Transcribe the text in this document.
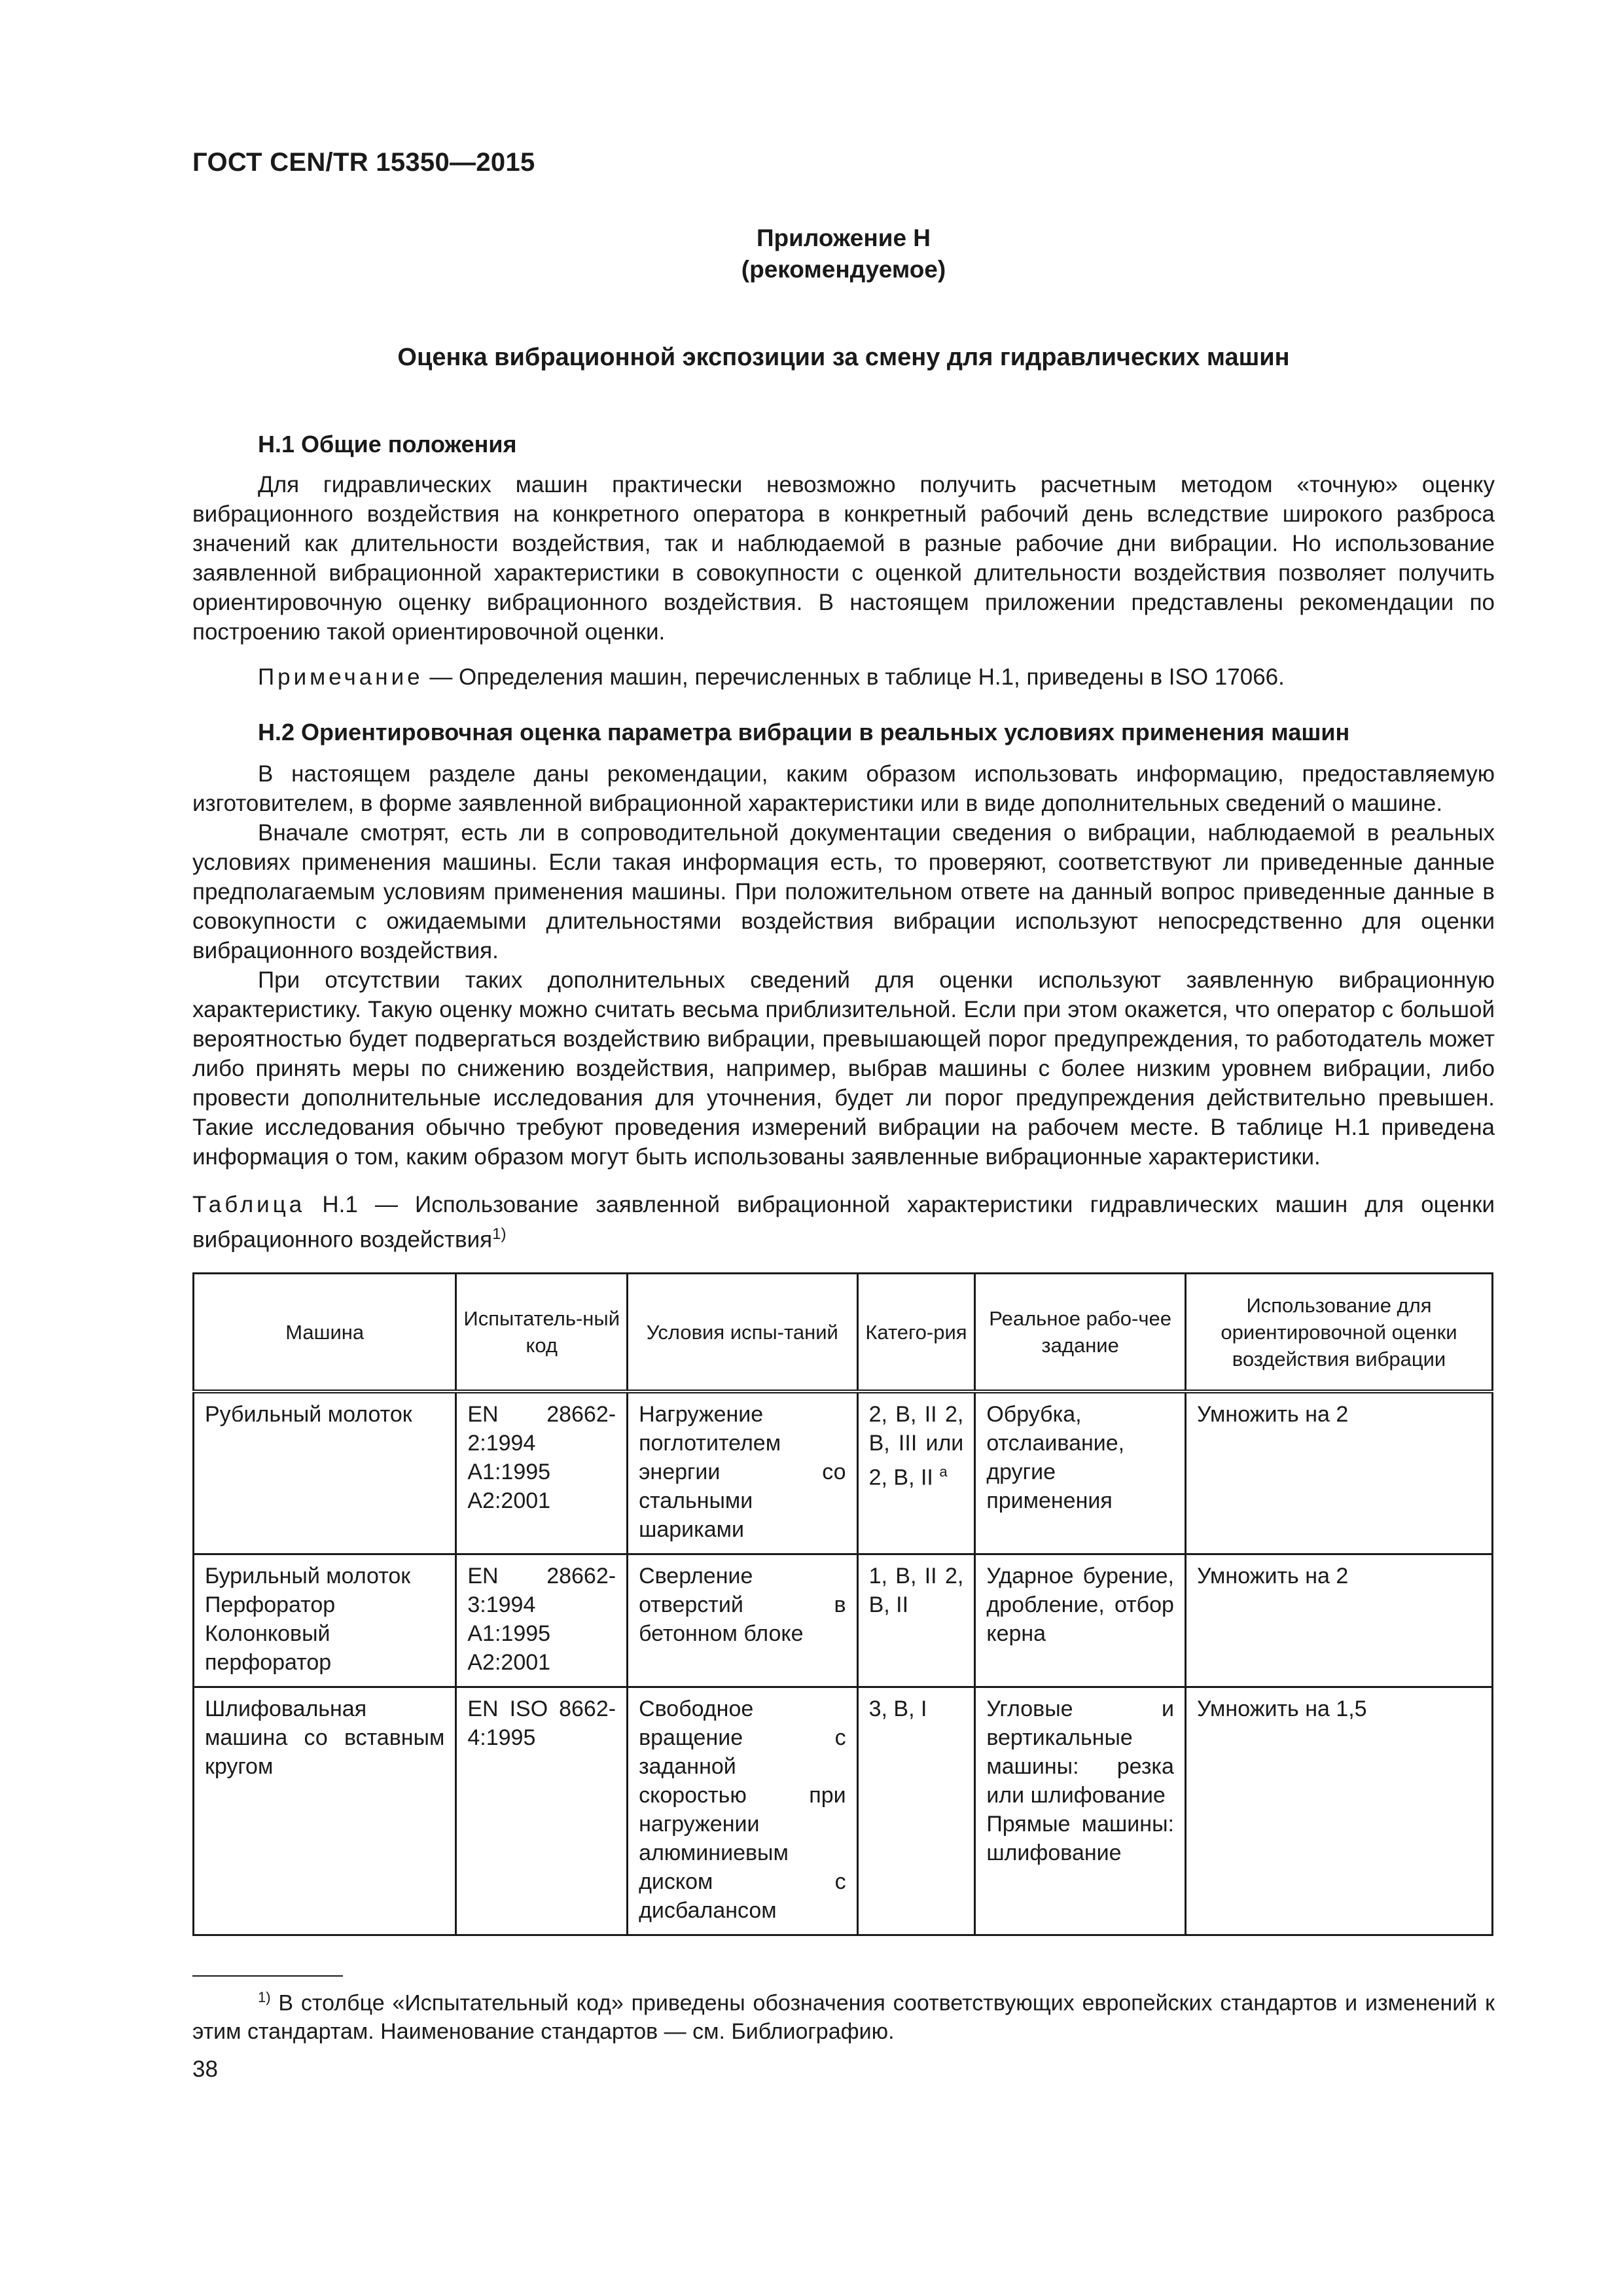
ГОСТ CEN/TR 15350—2015
Приложение Н
(рекомендуемое)
Оценка вибрационной экспозиции за смену для гидравлических машин
Н.1 Общие положения

Для гидравлических машин практически невозможно получить расчетным методом «точную» оценку вибрационного воздействия на конкретного оператора в конкретный рабочий день вследствие широкого разброса значений как длительности воздействия, так и наблюдаемой в разные рабочие дни вибрации. Но использование заявленной вибрационной характеристики в совокупности с оценкой длительности воздействия позволяет получить ориентировочную оценку вибрационного воздействия. В настоящем приложении представлены рекомендации по построению такой ориентировочной оценки.

Примечание — Определения машин, перечисленных в таблице Н.1, приведены в ISO 17066.

Н.2 Ориентировочная оценка параметра вибрации в реальных условиях применения машин

В настоящем разделе даны рекомендации, каким образом использовать информацию, предоставляемую изготовителем, в форме заявленной вибрационной характеристики или в виде дополнительных сведений о машине.

Вначале смотрят, есть ли в сопроводительной документации сведения о вибрации, наблюдаемой в реальных условиях применения машины. Если такая информация есть, то проверяют, соответствуют ли приведенные данные предполагаемым условиям применения машины. При положительном ответе на данный вопрос приведенные данные в совокупности с ожидаемыми длительностями воздействия вибрации используют непосредственно для оценки вибрационного воздействия.

При отсутствии таких дополнительных сведений для оценки используют заявленную вибрационную характеристику. Такую оценку можно считать весьма приблизительной. Если при этом окажется, что оператор с большой вероятностью будет подвергаться воздействию вибрации, превышающей порог предупреждения, то работодатель может либо принять меры по снижению воздействия, например, выбрав машины с более низким уровнем вибрации, либо провести дополнительные исследования для уточнения, будет ли порог предупреждения действительно превышен. Такие исследования обычно требуют проведения измерений вибрации на рабочем месте. В таблице Н.1 приведена информация о том, каким образом могут быть использованы заявленные вибрационные характеристики.

Таблица Н.1 — Использование заявленной вибрационной характеристики гидравлических машин для оценки вибрационного воздействия$^{1)}$
Машина	Испытатель-ный код	Условия испы-таний	Катего-рия	Реальное рабо-чее задание	Использование для ориентировочной оценки воздействия вибрации

Рубильный молоток	EN 28662-2:1994
A1:1995
A2:2001	Нагружение поглотителем энергии со стальными шариками	2, B, II 2, B, III или 2, B, II $^a$	Обрубка, отслаивание, другие применения	Умножить на 2

Бурильный молоток
Перфоратор
Колонковый перфоратор	EN 28662-3:1994
A1:1995
A2:2001	Сверление отверстий в бетонном блоке	1, B, II 2, B, II	Ударное бурение, дробление, отбор керна	Умножить на 2
Шлифовальная машина со вставным кругом	EN ISO 8662-4:1995	Свободное вращение с заданной скоростью при нагружении алюминиевым диском с дисбалансом	3, B, I	Угловые и вертикальные машины: резка или шлифование
Прямые машины: шлифование	Умножить на 1,5
$^{1)}$ В столбце «Испытательный код» приведены обозначения соответствующих европейских стандартов и изменений к этим стандартам. Наименование стандартов — см. Библиографию.
38
